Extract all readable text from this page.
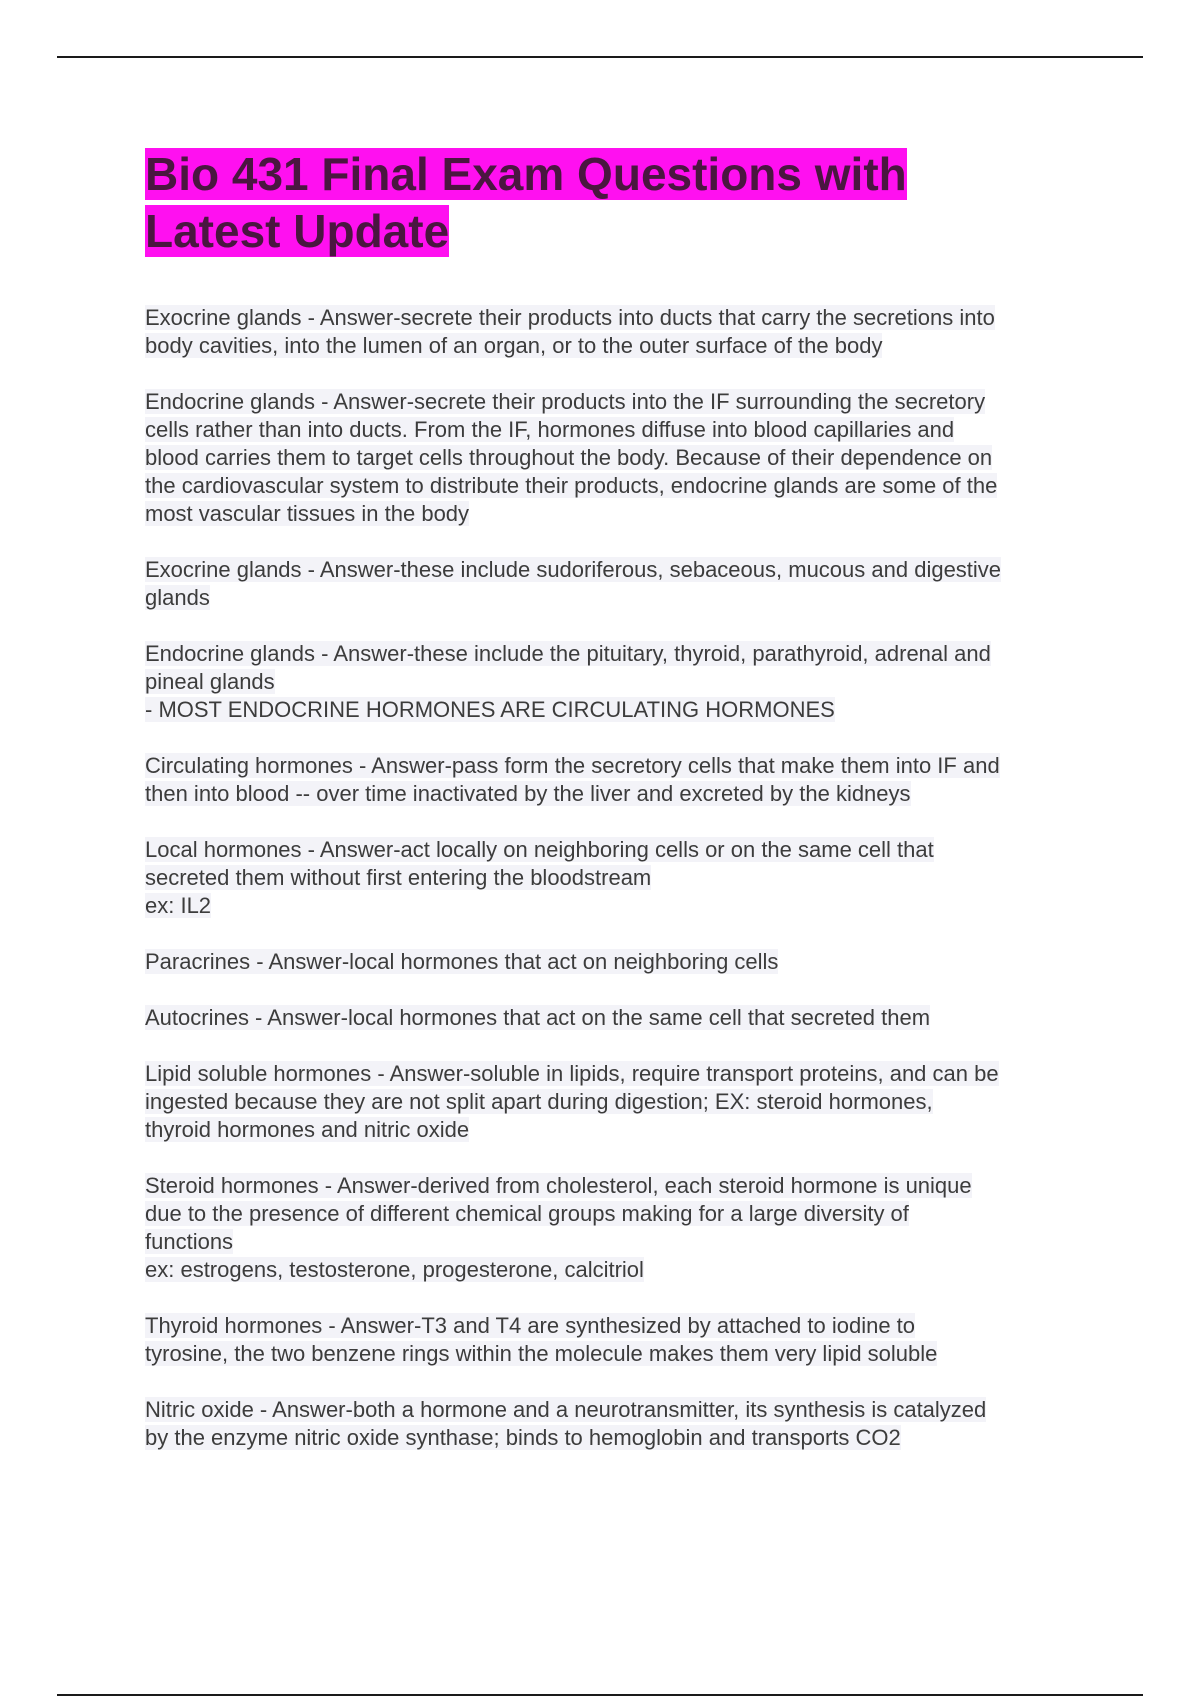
Bio 431 Final Exam Questions with
Latest Update

Exocrine glands - Answer-secrete their products into ducts that carry the secretions into
body cavities, into the lumen of an organ, or to the outer surface of the body

Endocrine glands - Answer-secrete their products into the IF surrounding the secretory
cells rather than into ducts. From the IF, hormones diffuse into blood capillaries and
blood carries them to target cells throughout the body. Because of their dependence on
the cardiovascular system to distribute their products, endocrine glands are some of the
most vascular tissues in the body

Exocrine glands - Answer-these include sudoriferous, sebaceous, mucous and digestive
glands

Endocrine glands - Answer-these include the pituitary, thyroid, parathyroid, adrenal and
pineal glands
- MOST ENDOCRINE HORMONES ARE CIRCULATING HORMONES

Circulating hormones - Answer-pass form the secretory cells that make them into IF and
then into blood -- over time inactivated by the liver and excreted by the kidneys

Local hormones - Answer-act locally on neighboring cells or on the same cell that
secreted them without first entering the bloodstream
ex: IL2

Paracrines - Answer-local hormones that act on neighboring cells

Autocrines - Answer-local hormones that act on the same cell that secreted them

Lipid soluble hormones - Answer-soluble in lipids, require transport proteins, and can be
ingested because they are not split apart during digestion; EX: steroid hormones,
thyroid hormones and nitric oxide

Steroid hormones - Answer-derived from cholesterol, each steroid hormone is unique
due to the presence of different chemical groups making for a large diversity of
functions
ex: estrogens, testosterone, progesterone, calcitriol

Thyroid hormones - Answer-T3 and T4 are synthesized by attached to iodine to
tyrosine, the two benzene rings within the molecule makes them very lipid soluble

Nitric oxide - Answer-both a hormone and a neurotransmitter, its synthesis is catalyzed
by the enzyme nitric oxide synthase; binds to hemoglobin and transports CO2
